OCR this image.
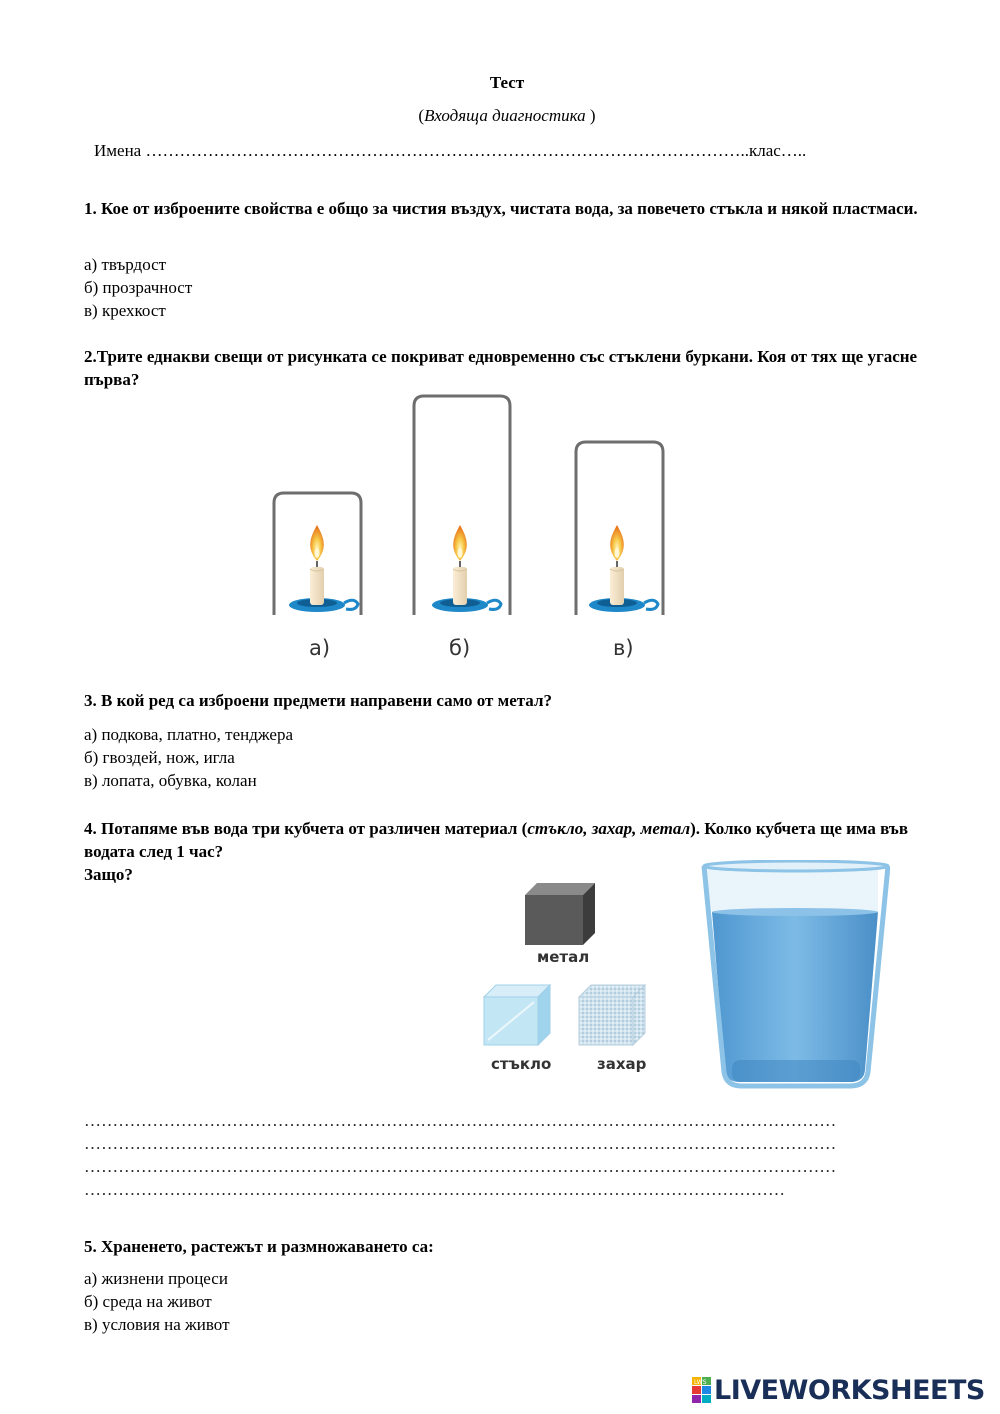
Тест
(Входяща диагностика )
Имена ……………………………………………………………………………………………..клас…..
1. Кое от изброените свойства е общо за чистия въздух, чистата вода, за повечето стъкла и някой пластмаси.
а) твърдост
б) прозрачност
в) крехкост
2.Трите еднакви свещи от рисунката се покриват едновременно със стъклени буркани. Коя от тях ще угасне първа?
а)	б)	в)
3. В кой ред са изброени предмети направени само от метал?
а) подкова, платно, тенджера
б) гвоздей, нож, игла
в) лопата, обувка, колан
4. Потапяме във вода три кубчета от различен материал (стъкло, захар, метал). Колко кубчета ще има във водата след 1 час?
Защо?
метал
стъкло	захар
……………………………………………………………………………………………………………………
……………………………………………………………………………………………………………………
……………………………………………………………………………………………………………………
……………………………………………………………………………………………………………
5. Храненето, растежът и размножаването са:
а) жизнени процеси
б) среда на живот
в) условия на живот
LWS LIVEWORKSHEETS
